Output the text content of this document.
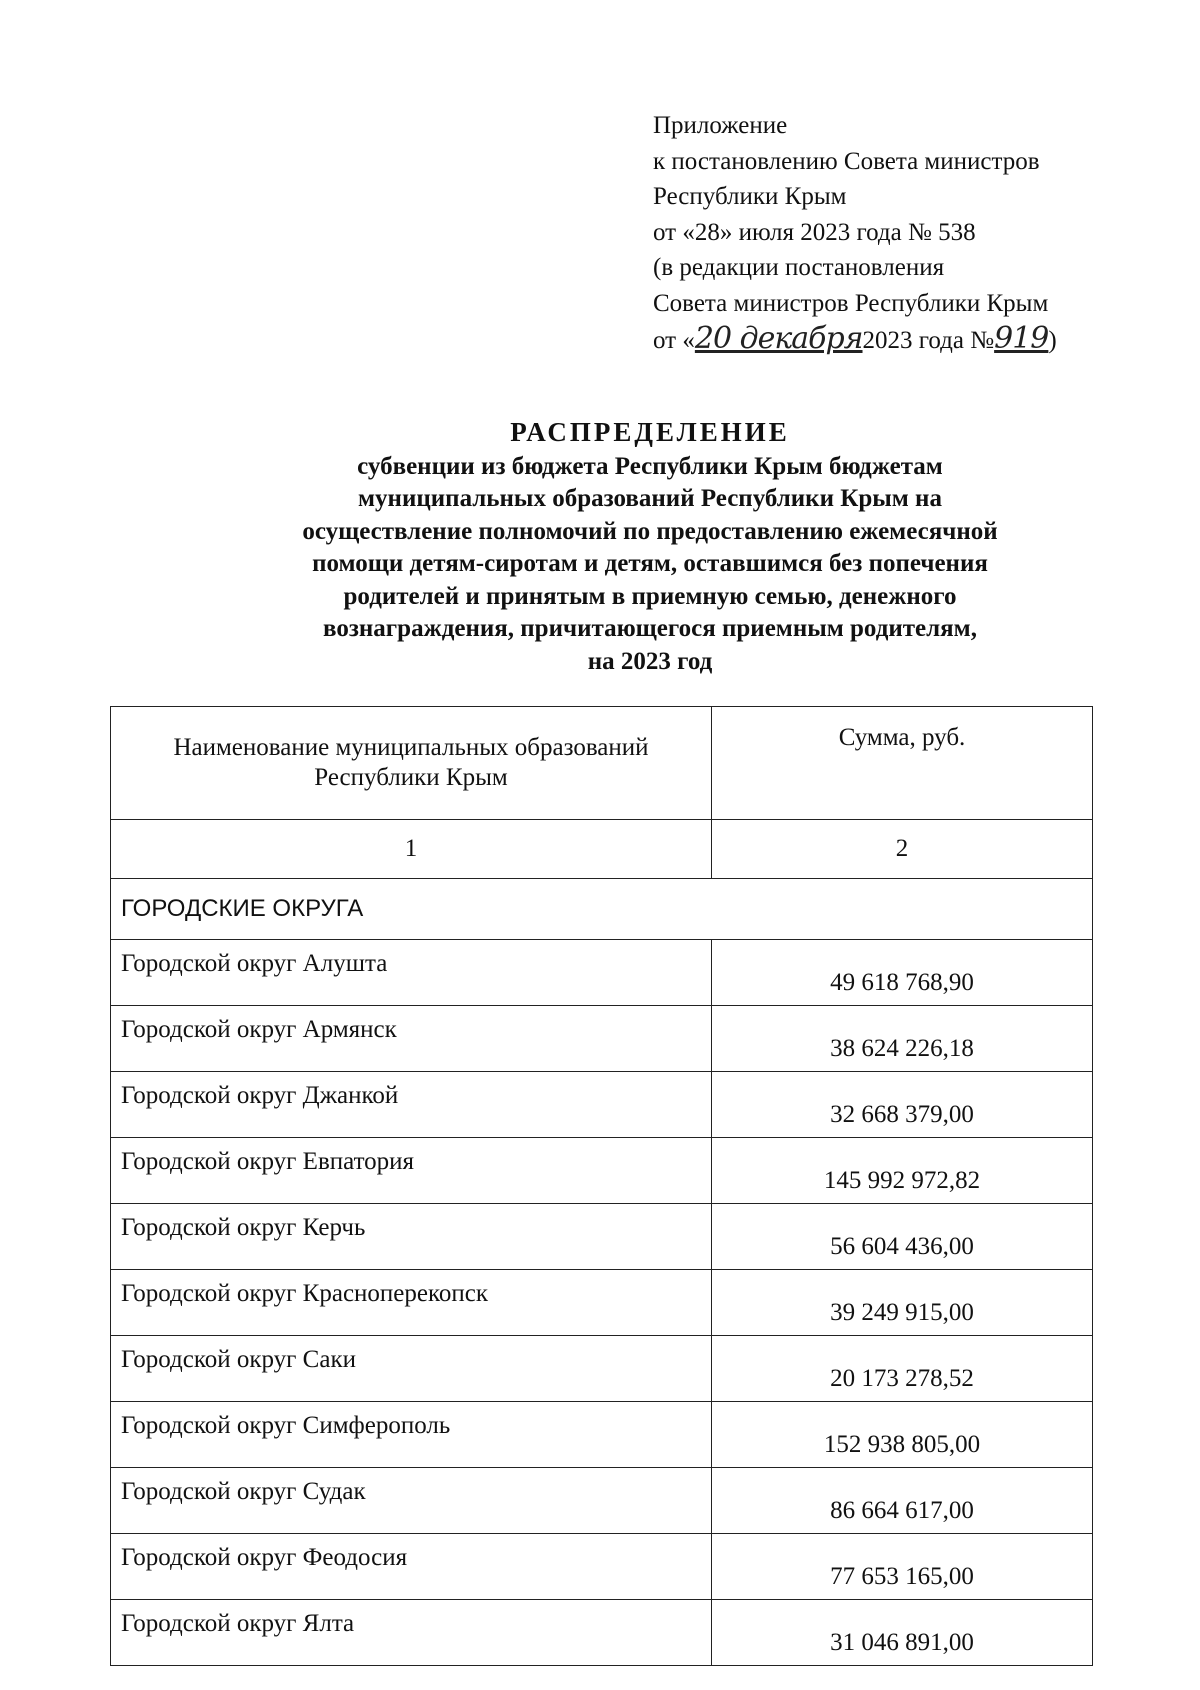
Приложение
к постановлению Совета министров
Республики Крым
от «28» июля 2023 года № 538
(в редакции постановления
Совета министров Республики Крым
от «20 декабря2023 года №919)
РАСПРЕДЕЛЕНИЕ
субвенции из бюджета Республики Крым бюджетам
муниципальных образований Республики Крым на
осуществление полномочий по предоставлению ежемесячной
помощи детям-сиротам и детям, оставшимся без попечения
родителей и принятым в приемную семью, денежного
вознаграждения, причитающегося приемным родителям,
на 2023 год
Наименование муниципальных образований
Республики Крым	Сумма, руб.
1	2
ГОРОДСКИЕ ОКРУГА	
Городской округ Алушта	49 618 768,90
Городской округ Армянск	38 624 226,18
Городской округ Джанкой	32 668 379,00
Городской округ Евпатория	145 992 972,82
Городской округ Керчь	56 604 436,00
Городской округ Красноперекопск	39 249 915,00
Городской округ Саки	20 173 278,52
Городской округ Симферополь	152 938 805,00
Городской округ Судак	86 664 617,00
Городской округ Феодосия	77 653 165,00
Городской округ Ялта	31 046 891,00
